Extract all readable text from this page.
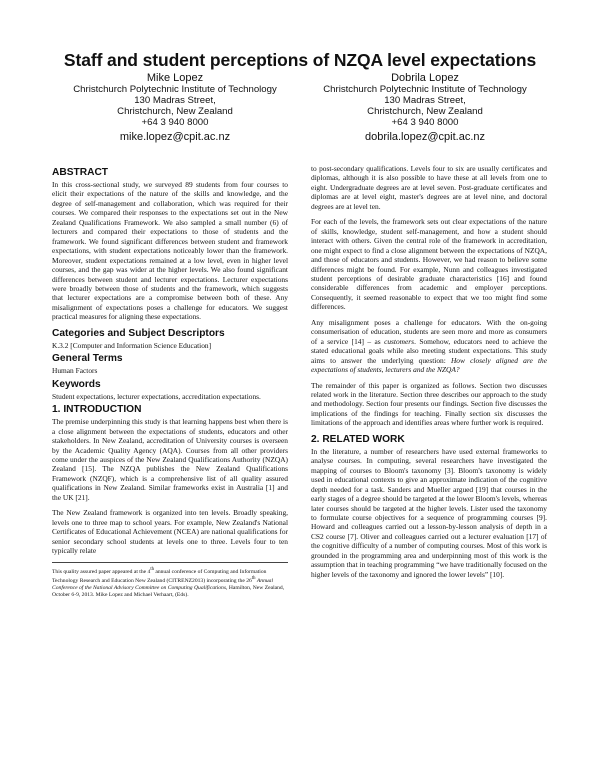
Staff and student perceptions of NZQA level expectations
Mike Lopez
Christchurch Polytechnic Institute of Technology
130 Madras Street,
Christchurch, New Zealand
+64 3 940 8000
mike.lopez@cpit.ac.nz
Dobrila Lopez
Christchurch Polytechnic Institute of Technology
130 Madras Street,
Christchurch, New Zealand
+64 3 940 8000
dobrila.lopez@cpit.ac.nz
ABSTRACT

In this cross-sectional study, we surveyed 89 students from four courses to elicit their expectations of the nature of the skills and knowledge, and the degree of self-management and collaboration, which was required for their courses. We compared their responses to the expectations set out in the New Zealand Qualifications Framework. We also sampled a small number (6) of lecturers and compared their expectations to those of students and the framework. We found significant differences between student and framework expectations, with student expectations noticeably lower than the framework. Moreover, student expectations remained at a low level, even in higher level courses, and the gap was wider at the higher levels. We also found significant differences between student and lecturer expectations. Lecturer expectations were broadly between those of students and the framework, which suggests that lecturer expectations are a compromise between both of these. Any misalignment of expectations poses a challenge for educators. We suggest practical measures for aligning these expectations.

Categories and Subject Descriptors

K.3.2 [Computer and Information Science Education]

General Terms

Human Factors

Keywords

Student expectations, lecturer expectations, accreditation expectations.

1. INTRODUCTION

The premise underpinning this study is that learning happens best when there is a close alignment between the expectations of students, educators and other stakeholders. In New Zealand, accreditation of University courses is overseen by the Academic Quality Agency (AQA). Courses from all other providers come under the auspices of the New Zealand Qualifications Authority (NZQA) Zealand [15]. The NZQA publishes the New Zealand Qualifications Framework (NZQF), which is a comprehensive list of all quality assured qualifications in New Zealand. Similar frameworks exist in Australia [1] and the UK [21].

The New Zealand framework is organized into ten levels. Broadly speaking, levels one to three map to school years. For example, New Zealand's National Certificates of Educational Achievement (NCEA) are national qualifications for senior secondary school students at levels one to three. Levels four to ten typically relate

This quality assured paper appeared at the 4th annual conference of Computing and Information Technology Research and Education New Zealand (CITRENZ2013) incorporating the 26th Annual Conference of the National Advisory Committee on Computing Qualifications, Hamilton, New Zealand, October 6-9, 2013. Mike Lopez and Michael Verhaart, (Eds).

to post-secondary qualifications. Levels four to six are usually certificates and diplomas, although it is also possible to have these at all levels from one to eight. Undergraduate degrees are at level seven. Post-graduate certificates and diplomas are at level eight, master's degrees are at level nine, and doctoral degrees are at level ten.

For each of the levels, the framework sets out clear expectations of the nature of skills, knowledge, student self-management, and how a student should interact with others. Given the central role of the framework in accreditation, one might expect to find a close alignment between the expectations of NZQA, and those of educators and students. However, we had reason to believe some differences might be found. For example, Nunn and colleagues investigated student perceptions of desirable graduate characteristics [16] and found considerable differences from academic and employer perceptions. Consequently, it seemed reasonable to expect that we too might find some differences.

Any misalignment poses a challenge for educators. With the on-going consumerisation of education, students are seen more and more as consumers of a service [14] – as customers. Somehow, educators need to achieve the stated educational goals while also meeting student expectations. This study aims to answer the underlying question: How closely aligned are the expectations of students, lecturers and the NZQA?

The remainder of this paper is organized as follows. Section two discusses related work in the literature. Section three describes our approach to the study and methodology. Section four presents our findings. Section five discusses the implications of the findings for teaching. Finally section six discusses the limitations of the approach and identifies areas where further work is required.

2. RELATED WORK

In the literature, a number of researchers have used external frameworks to analyse courses. In computing, several researchers have investigated the mapping of courses to Bloom's taxonomy [3]. Bloom's taxonomy is widely used in educational contexts to give an approximate indication of the cognitive depth needed for a task. Sanders and Mueller argued [19] that courses in the early stages of a degree should be targeted at the lower Bloom's levels, whereas later courses should be targeted at the higher levels. Lister used the taxonomy to formulate course objectives for a sequence of programming courses [9]. Howard and colleagues carried out a lesson-by-lesson analysis of depth in a CS2 course [7]. Oliver and colleagues carried out a lecturer evaluation [17] of the cognitive difficulty of a number of computing courses. Most of this work is grounded in the programming area and underpinning most of this work is the assumption that in teaching programming “we have traditionally focused on the higher levels of the taxonomy and ignored the lower levels” [10].
